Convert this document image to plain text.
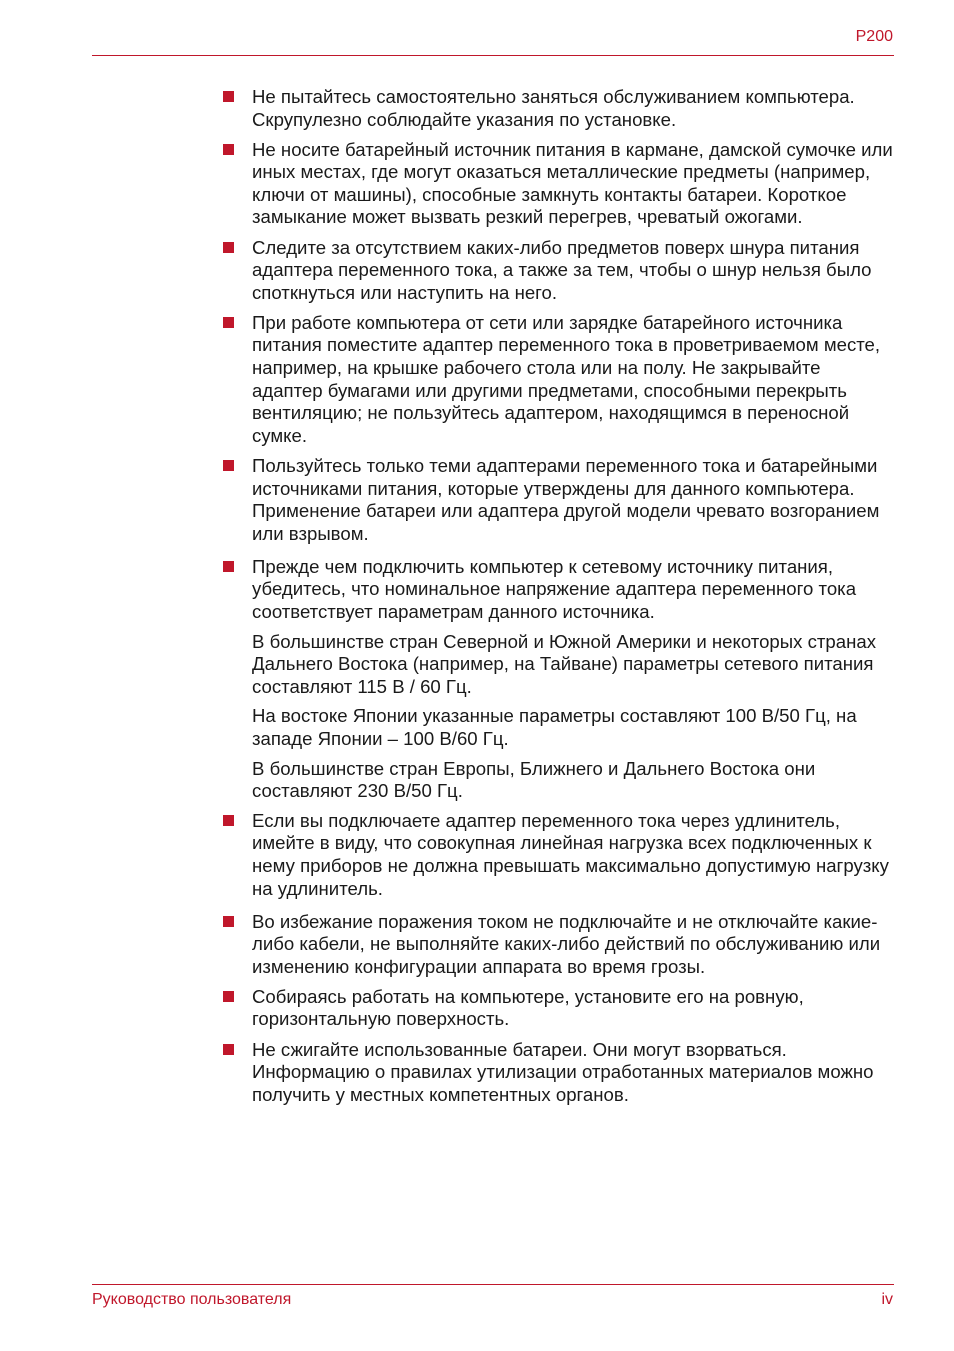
P200

Не пытайтесь самостоятельно заняться обслуживанием компьютера. Скрупулезно соблюдайте указания по установке.

Не носите батарейный источник питания в кармане, дамской сумочке или иных местах, где могут оказаться металлические предметы (например, ключи от машины), способные замкнуть контакты батареи. Короткое замыкание может вызвать резкий перегрев, чреватый ожогами.

Следите за отсутствием каких-либо предметов поверх шнура питания адаптера переменного тока, а также за тем, чтобы о шнур нельзя было споткнуться или наступить на него.

При работе компьютера от сети или зарядке батарейного источника питания поместите адаптер переменного тока в проветриваемом месте, например, на крышке рабочего стола или на полу. Не закрывайте адаптер бумагами или другими предметами, способными перекрыть вентиляцию; не пользуйтесь адаптером, находящимся в переносной сумке.

Пользуйтесь только теми адаптерами переменного тока и батарейными источниками питания, которые утверждены для данного компьютера. Применение батареи или адаптера другой модели чревато возгоранием или взрывом.

Прежде чем подключить компьютер к сетевому источнику питания, убедитесь, что номинальное напряжение адаптера переменного тока соответствует параметрам данного источника.

В большинстве стран Северной и Южной Америки и некоторых странах Дальнего Востока (например, на Тайване) параметры сетевого питания составляют 115 В / 60 Гц.

На востоке Японии указанные параметры составляют 100 В/50 Гц, на западе Японии – 100 В/60 Гц.

В большинстве стран Европы, Ближнего и Дальнего Востока они составляют 230 В/50 Гц.

Если вы подключаете адаптер переменного тока через удлинитель, имейте в виду, что совокупная линейная нагрузка всех подключенных к нему приборов не должна превышать максимально допустимую нагрузку на удлинитель.

Во избежание поражения током не подключайте и не отключайте какие-либо кабели, не выполняйте каких-либо действий по обслуживанию или изменению конфигурации аппарата во время грозы.

Собираясь работать на компьютере, установите его на ровную, горизонтальную поверхность.

Не сжигайте использованные батареи. Они могут взорваться. Информацию о правилах утилизации отработанных материалов можно получить у местных компетентных органов.

Руководство пользователя	iv
